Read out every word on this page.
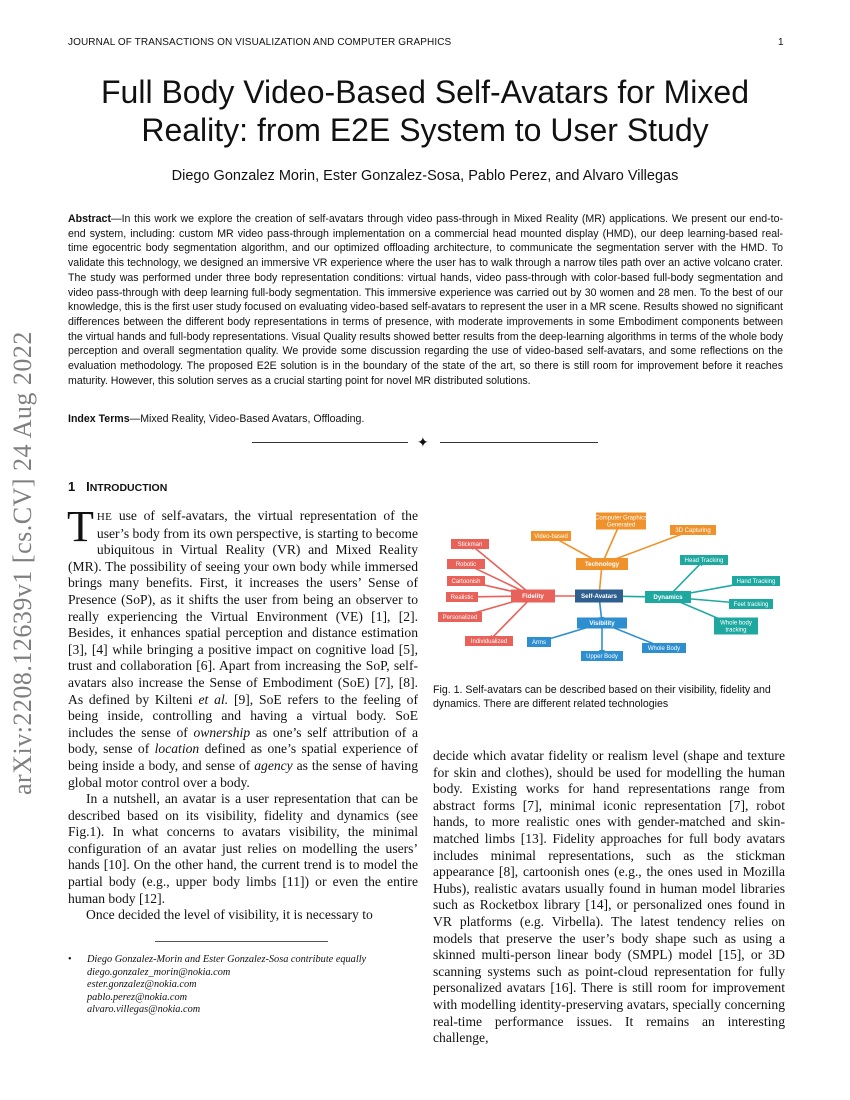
JOURNAL OF TRANSACTIONS ON VISUALIZATION AND COMPUTER GRAPHICS	1
Full Body Video-Based Self-Avatars for Mixed Reality: from E2E System to User Study
Diego Gonzalez Morin, Ester Gonzalez-Sosa, Pablo Perez, and Alvaro Villegas

Abstract—In this work we explore the creation of self-avatars through video pass-through in Mixed Reality (MR) applications. We present our end-to-end system, including: custom MR video pass-through implementation on a commercial head mounted display (HMD), our deep learning-based real-time egocentric body segmentation algorithm, and our optimized offloading architecture, to communicate the segmentation server with the HMD. To validate this technology, we designed an immersive VR experience where the user has to walk through a narrow tiles path over an active volcano crater. The study was performed under three body representation conditions: virtual hands, video pass-through with color-based full-body segmentation and video pass-through with deep learning full-body segmentation. This immersive experience was carried out by 30 women and 28 men. To the best of our knowledge, this is the first user study focused on evaluating video-based self-avatars to represent the user in a MR scene. Results showed no significant differences between the different body representations in terms of presence, with moderate improvements in some Embodiment components between the virtual hands and full-body representations. Visual Quality results showed better results from the deep-learning algorithms in terms of the whole body perception and overall segmentation quality. We provide some discussion regarding the use of video-based self-avatars, and some reflections on the evaluation methodology. The proposed E2E solution is in the boundary of the state of the art, so there is still room for improvement before it reaches maturity. However, this solution serves as a crucial starting point for novel MR distributed solutions.

Index Terms—Mixed Reality, Video-Based Avatars, Offloading.

✦
arXiv:2208.12639v1 [cs.CV] 24 Aug 2022	1 INTRODUCTION

THE use of self-avatars, the virtual representation of the user’s body from its own perspective, is starting to become ubiquitous in Virtual Reality (VR) and Mixed Reality (MR). The possibility of seeing your own body while immersed brings many benefits. First, it increases the users’ Sense of Presence (SoP), as it shifts the user from being an observer to really experiencing the Virtual Environment (VE) [1], [2]. Besides, it enhances spatial perception and distance estimation [3], [4] while bringing a positive impact on cognitive load [5], trust and collaboration [6]. Apart from increasing the SoP, self-avatars also increase the Sense of Embodiment (SoE) [7], [8]. As defined by Kilteni et al. [9], SoE refers to the feeling of being inside, controlling and having a virtual body. SoE includes the sense of ownership as one’s self attribution of a body, sense of location defined as one’s spatial experience of being inside a body, and sense of agency as the sense of having global motor control over a body.

In a nutshell, an avatar is a user representation that can be described based on its visibility, fidelity and dynamics (see Fig.1). In what concerns to avatars visibility, the minimal configuration of an avatar just relies on modelling the users’ hands [10]. On the other hand, the current trend is to model the partial body (e.g., upper body limbs [11]) or even the entire human body [12].

Once decided the level of visibility, it is necessary to

• Diego Gonzalez-Morin and Ester Gonzalez-Sosa contribute equally
diego.gonzalez_morin@nokia.com
ester.gonzalez@nokia.com
pablo.perez@nokia.com
alvaro.villegas@nokia.com
Fidelity
Technology
Dynamics
Visibility
Stickman
Robotic
Cartoonish
Realistic
Personalized
Individualized
Video-based
Computer Graphics
Generated
3D Capturing
Head Tracking
Hand Tracking
Feet tracking
Whole body
tracking
Arms
Upper Body
Whole Body
Self-Avatars

Fig. 1. Self-avatars can be described based on their visibility, fidelity and dynamics. There are different related technologies

decide which avatar fidelity or realism level (shape and texture for skin and clothes), should be used for modelling the human body. Existing works for hand representations range from abstract forms [7], minimal iconic representation [7], robot hands, to more realistic ones with gender-matched and skin-matched limbs [13]. Fidelity approaches for full body avatars includes minimal representations, such as the stickman appearance [8], cartoonish ones (e.g., the ones used in Mozilla Hubs), realistic avatars usually found in human model libraries such as Rocketbox library [14], or personalized ones found in VR platforms (e.g. Virbella). The latest tendency relies on models that preserve the user’s body shape such as using a skinned multi-person linear body (SMPL) model [15], or 3D scanning systems such as point-cloud representation for fully personalized avatars [16]. There is still room for improvement with modelling identity-preserving avatars, specially concerning real-time performance issues. It remains an interesting challenge,
